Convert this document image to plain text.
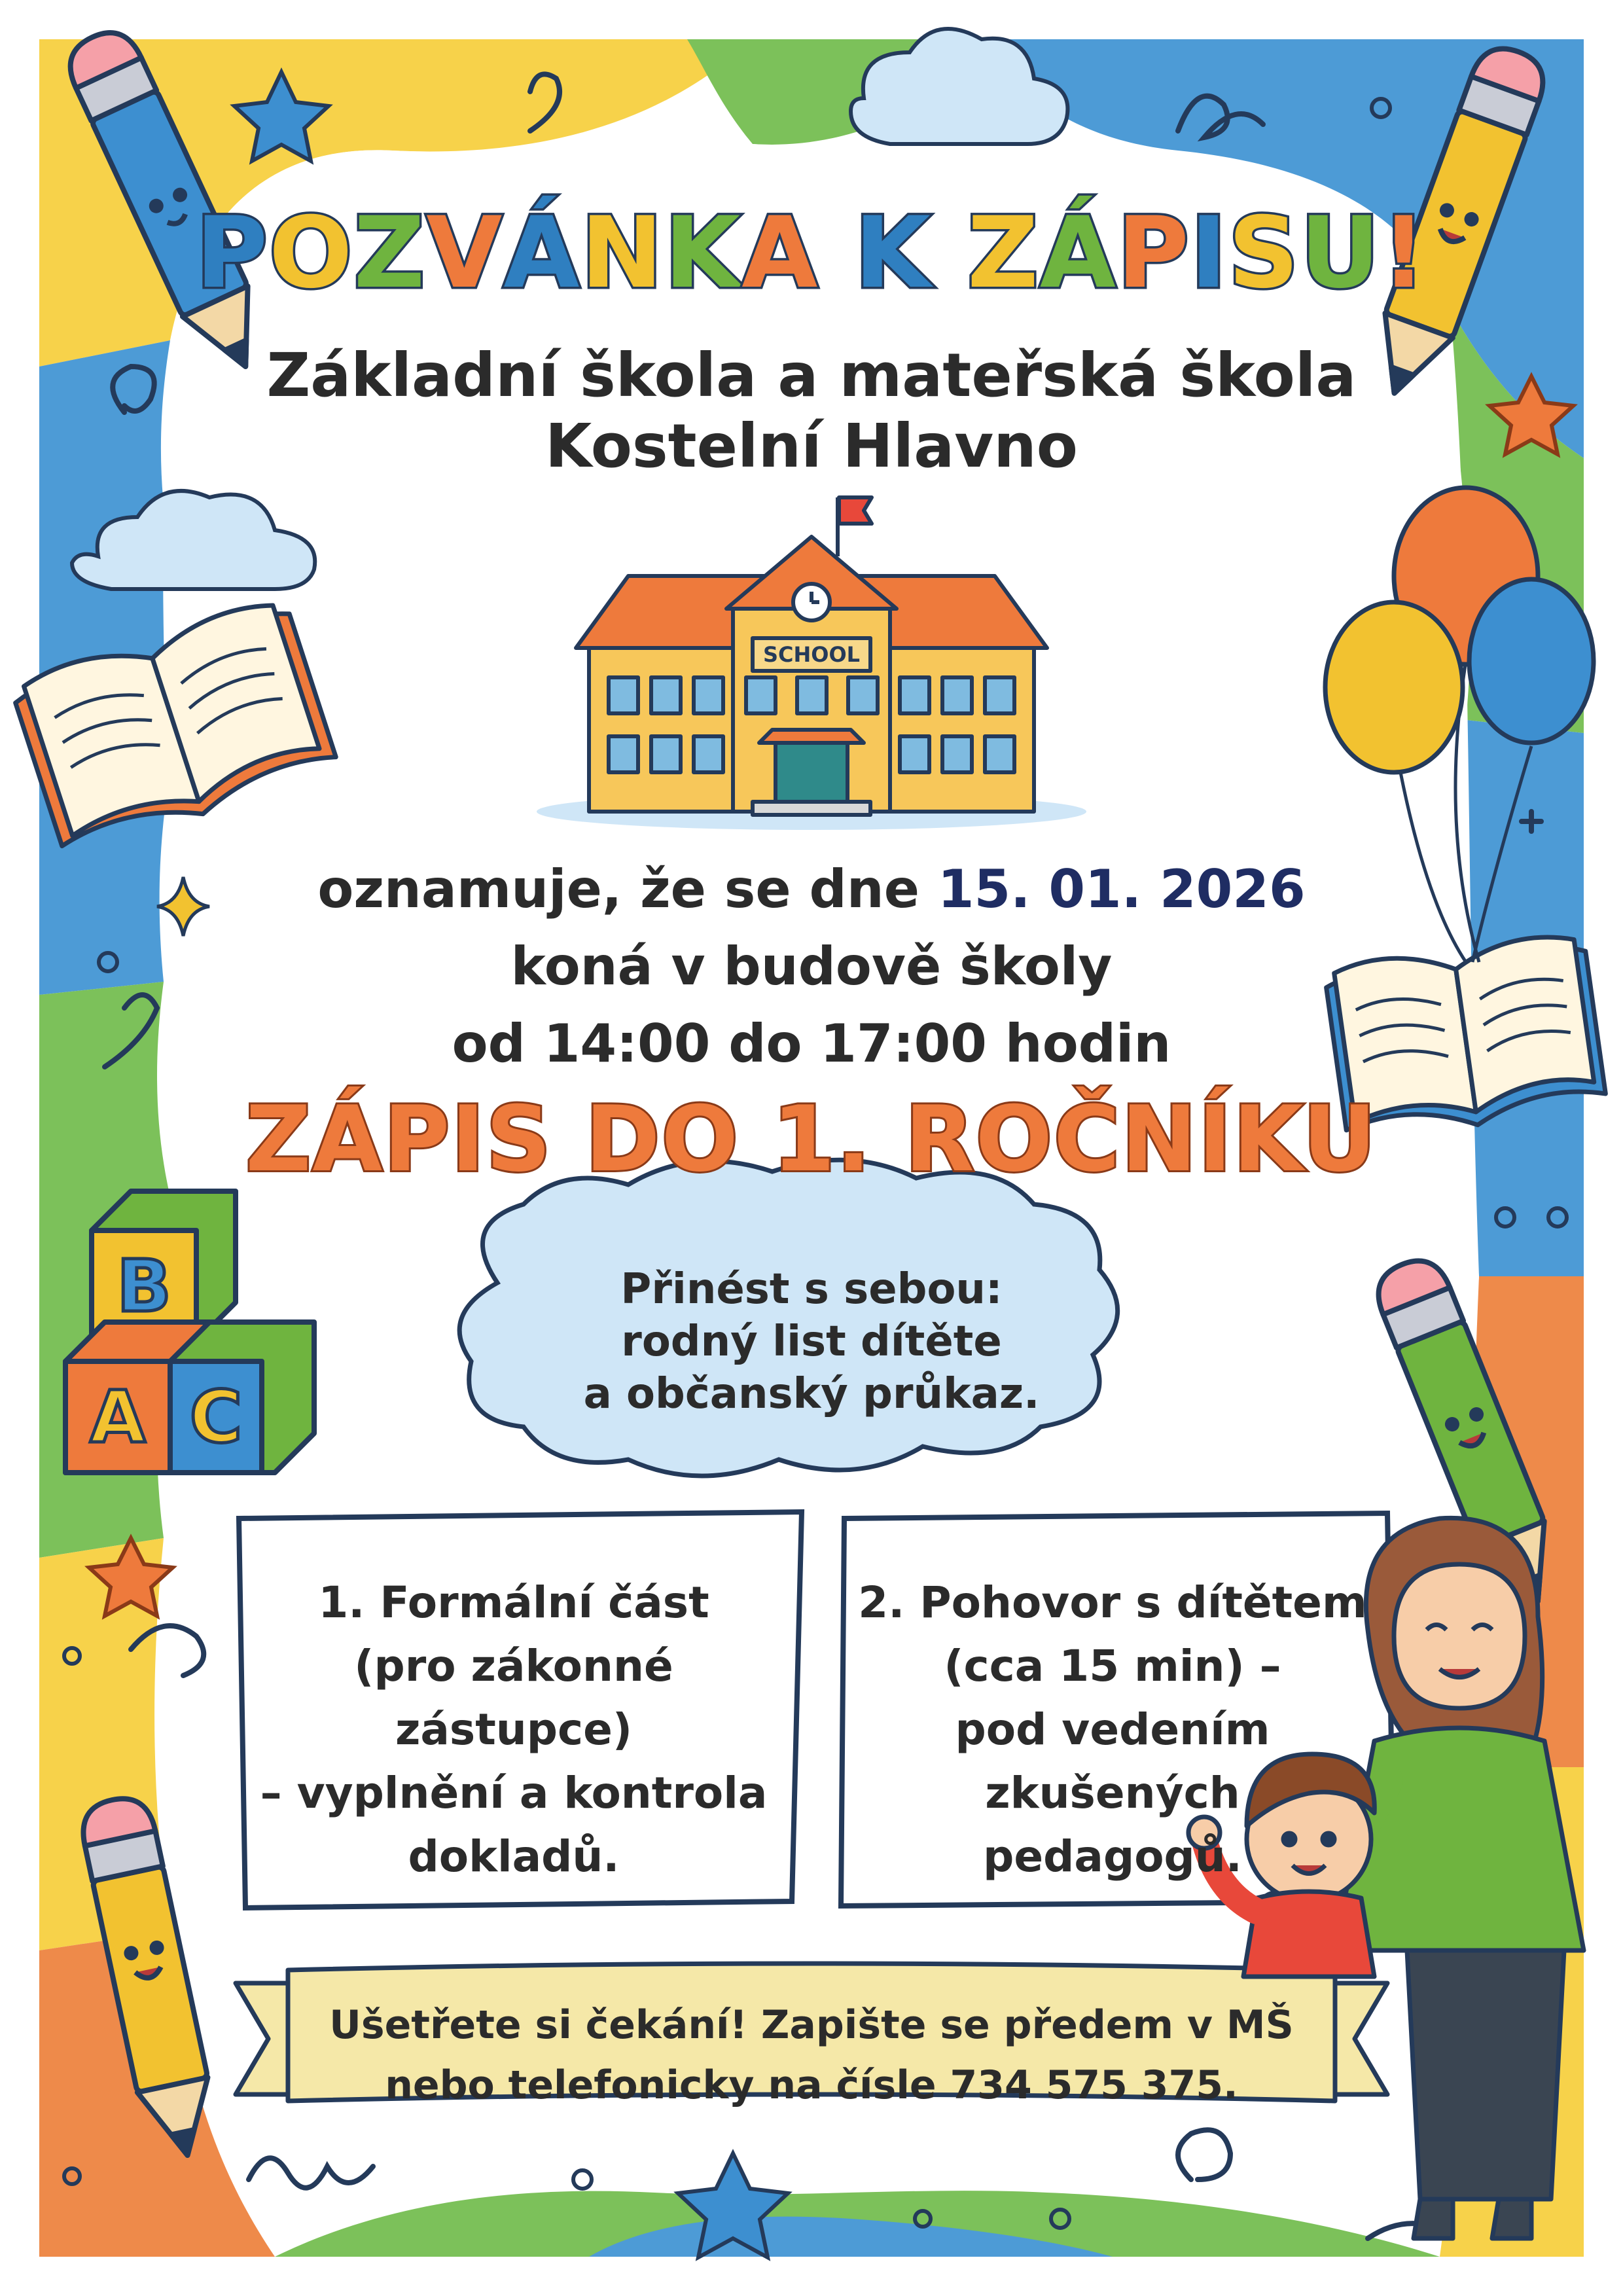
POZVÁNKA K ZÁPISU!
Základní škola a mateřská škola
Kostelní Hlavno
SCHOOL
oznamuje, že se dne 15. 01. 2026
koná v budově školy
od 14:00 do 17:00 hodin
ZÁPIS DO 1. ROČNÍKU
Přinést s sebou:
rodný list dítěte
a občanský průkaz.
1. Formální část
(pro zákonné zástupce)
– vyplnění a kontrola
dokladů.
2. Pohovor s dítětem
(cca 15 min) –
pod vedením
zkušených
pedagogů.
Ušetřete si čekání! Zapište se předem v MŠ
nebo telefonicky na čísle 734 575 375.
B
A C
